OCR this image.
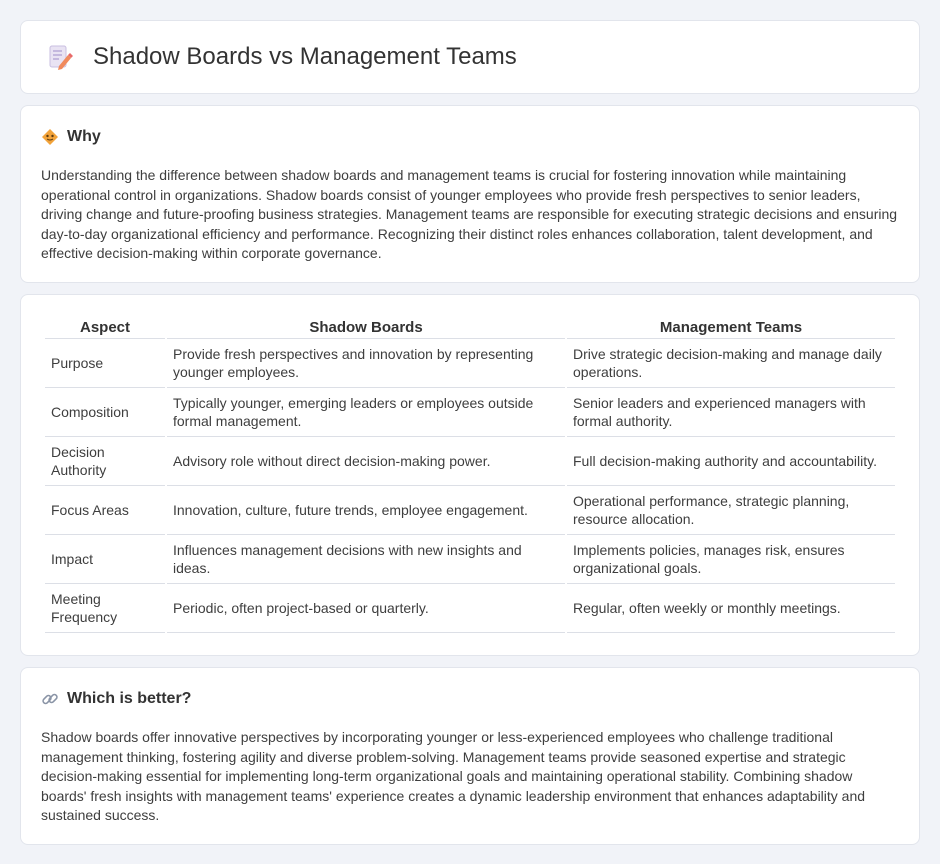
Shadow Boards vs Management Teams
Why

Understanding the difference between shadow boards and management teams is crucial for fostering innovation while maintaining operational control in organizations. Shadow boards consist of younger employees who provide fresh perspectives to senior leaders, driving change and future-proofing business strategies. Management teams are responsible for executing strategic decisions and ensuring day-to-day organizational efficiency and performance. Recognizing their distinct roles enhances collaboration, talent development, and effective decision-making within corporate governance.

Aspect	Shadow Boards	Management Teams
Purpose	Provide fresh perspectives and innovation by representing younger employees.	Drive strategic decision-making and manage daily operations.
Composition	Typically younger, emerging leaders or employees outside formal management.	Senior leaders and experienced managers with formal authority.
Decision Authority	Advisory role without direct decision-making power.	Full decision-making authority and accountability.
Focus Areas	Innovation, culture, future trends, employee engagement.	Operational performance, strategic planning, resource allocation.
Impact	Influences management decisions with new insights and ideas.	Implements policies, manages risk, ensures organizational goals.
Meeting Frequency	Periodic, often project-based or quarterly.	Regular, often weekly or monthly meetings.
Which is better?

Shadow boards offer innovative perspectives by incorporating younger or less-experienced employees who challenge traditional management thinking, fostering agility and diverse problem-solving. Management teams provide seasoned expertise and strategic decision-making essential for implementing long-term organizational goals and maintaining operational stability. Combining shadow boards' fresh insights with management teams' experience creates a dynamic leadership environment that enhances adaptability and sustained success.
